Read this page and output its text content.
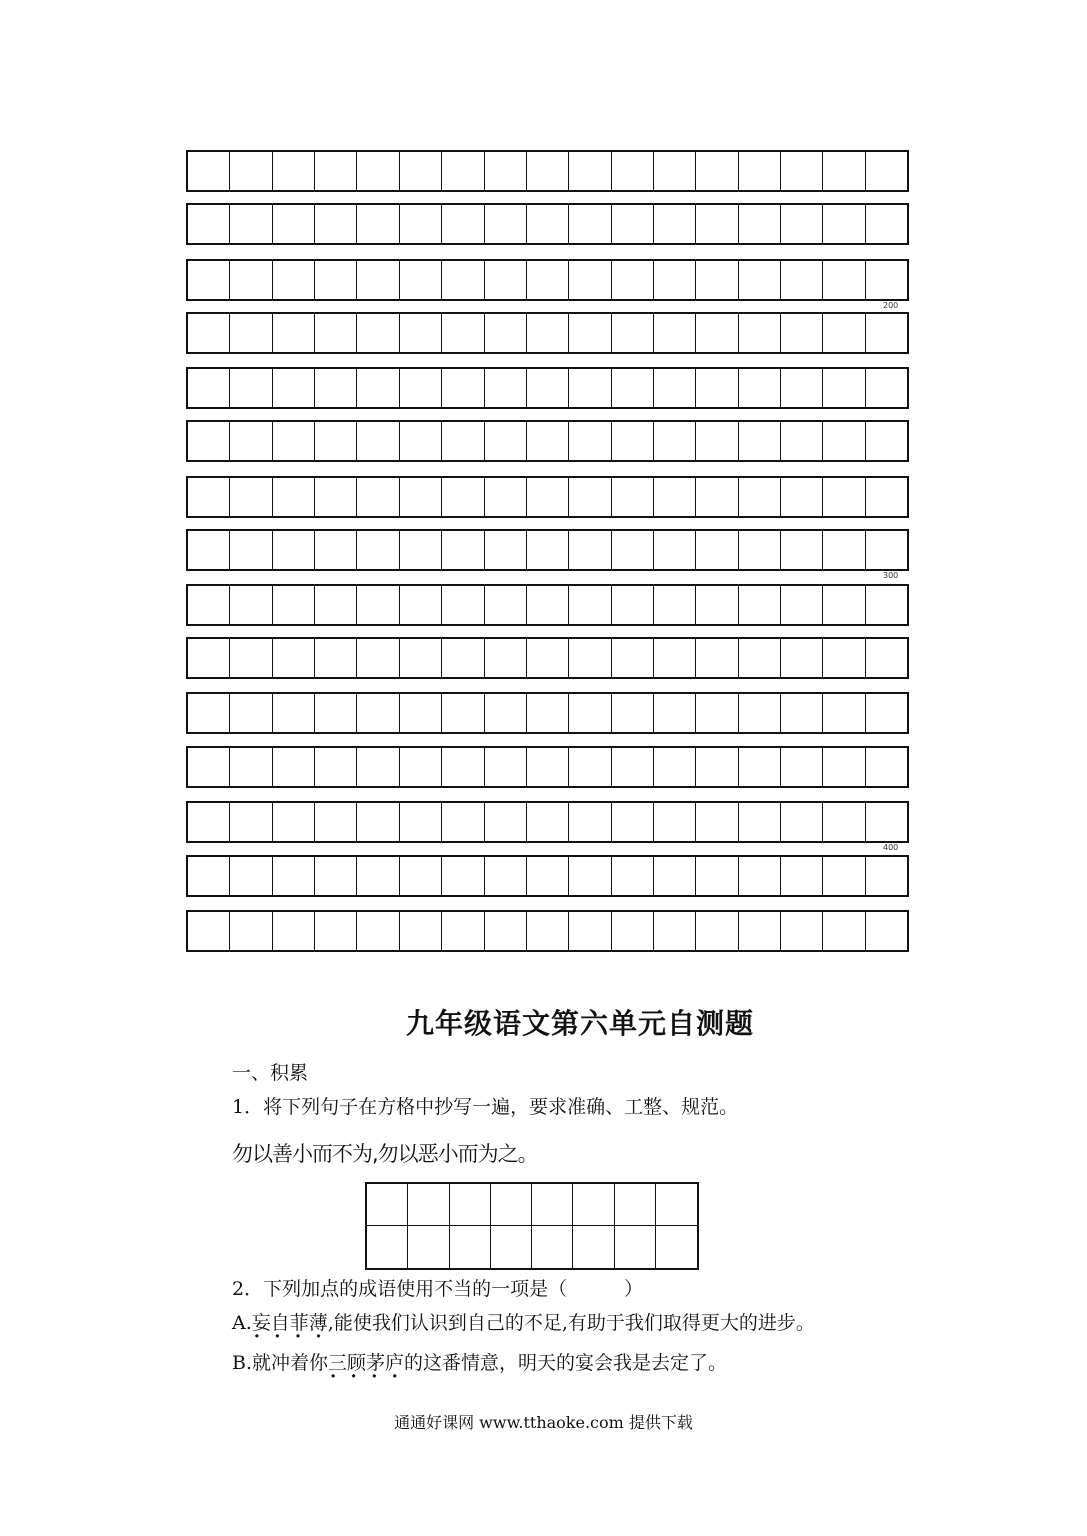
200
300
400
九年级语文第六单元自测题
一、积累
1．将下列句子在方格中抄写一遍，要求准确、工整、规范。
勿以善小而不为,勿以恶小而为之。
2．下列加点的成语使用不当的一项是（　　　）
A.妄自菲薄 · · · ·,能使我们认识到自己的不足,有助于我们取得更大的进步。
B.就冲着你三顾茅庐 · · · ·的这番情意，明天的宴会我是去定了。
通通好课网 www.tthaoke.com 提供下载
